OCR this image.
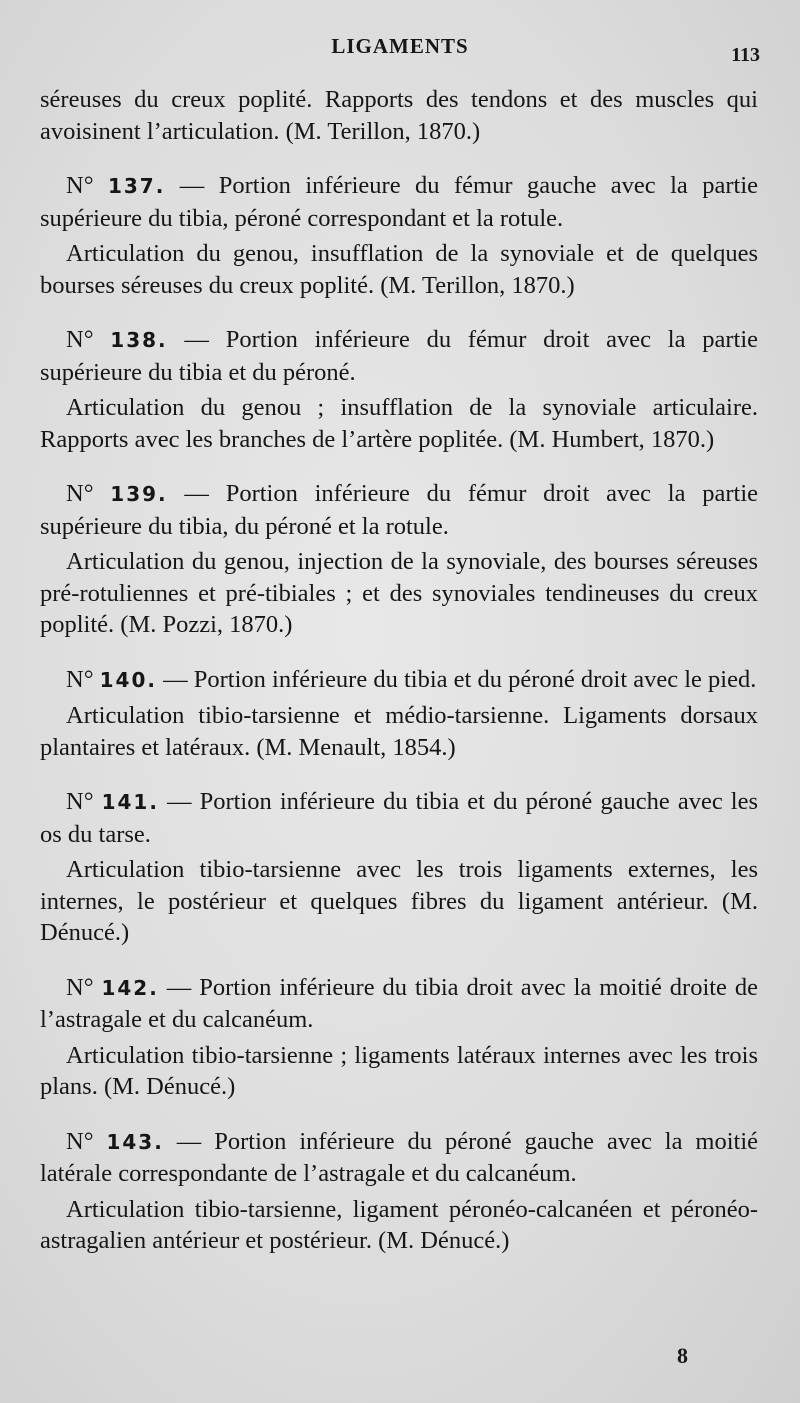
LIGAMENTS	113

séreuses du creux poplité. Rapports des tendons et des muscles qui avoisinent l’articulation. (M. Terillon, 1870.)

N° 137. — Portion inférieure du fémur gauche avec la partie supérieure du tibia, péroné correspondant et la rotule.

Articulation du genou, insufflation de la synoviale et de quelques bourses séreuses du creux poplité. (M. Terillon, 1870.)

N° 138. — Portion inférieure du fémur droit avec la partie supérieure du tibia et du péroné.

Articulation du genou ; insufflation de la synoviale articulaire. Rapports avec les branches de l’artère poplitée. (M. Humbert, 1870.)

N° 139. — Portion inférieure du fémur droit avec la partie supérieure du tibia, du péroné et la rotule.

Articulation du genou, injection de la synoviale, des bourses séreuses pré-rotuliennes et pré-tibiales ; et des synoviales tendineuses du creux poplité. (M. Pozzi, 1870.)

N° 140. — Portion inférieure du tibia et du péroné droit avec le pied.

Articulation tibio-tarsienne et médio-tarsienne. Ligaments dorsaux plantaires et latéraux. (M. Menault, 1854.)

N° 141. — Portion inférieure du tibia et du péroné gauche avec les os du tarse.

Articulation tibio-tarsienne avec les trois ligaments externes, les internes, le postérieur et quelques fibres du ligament antérieur. (M. Dénucé.)

N° 142. — Portion inférieure du tibia droit avec la moitié droite de l’astragale et du calcanéum.

Articulation tibio-tarsienne ; ligaments latéraux internes avec les trois plans. (M. Dénucé.)

N° 143. — Portion inférieure du péroné gauche avec la moitié latérale correspondante de l’astragale et du calcanéum.

Articulation tibio-tarsienne, ligament péronéo-calcanéen et péronéo-astragalien antérieur et postérieur. (M. Dénucé.)

8
